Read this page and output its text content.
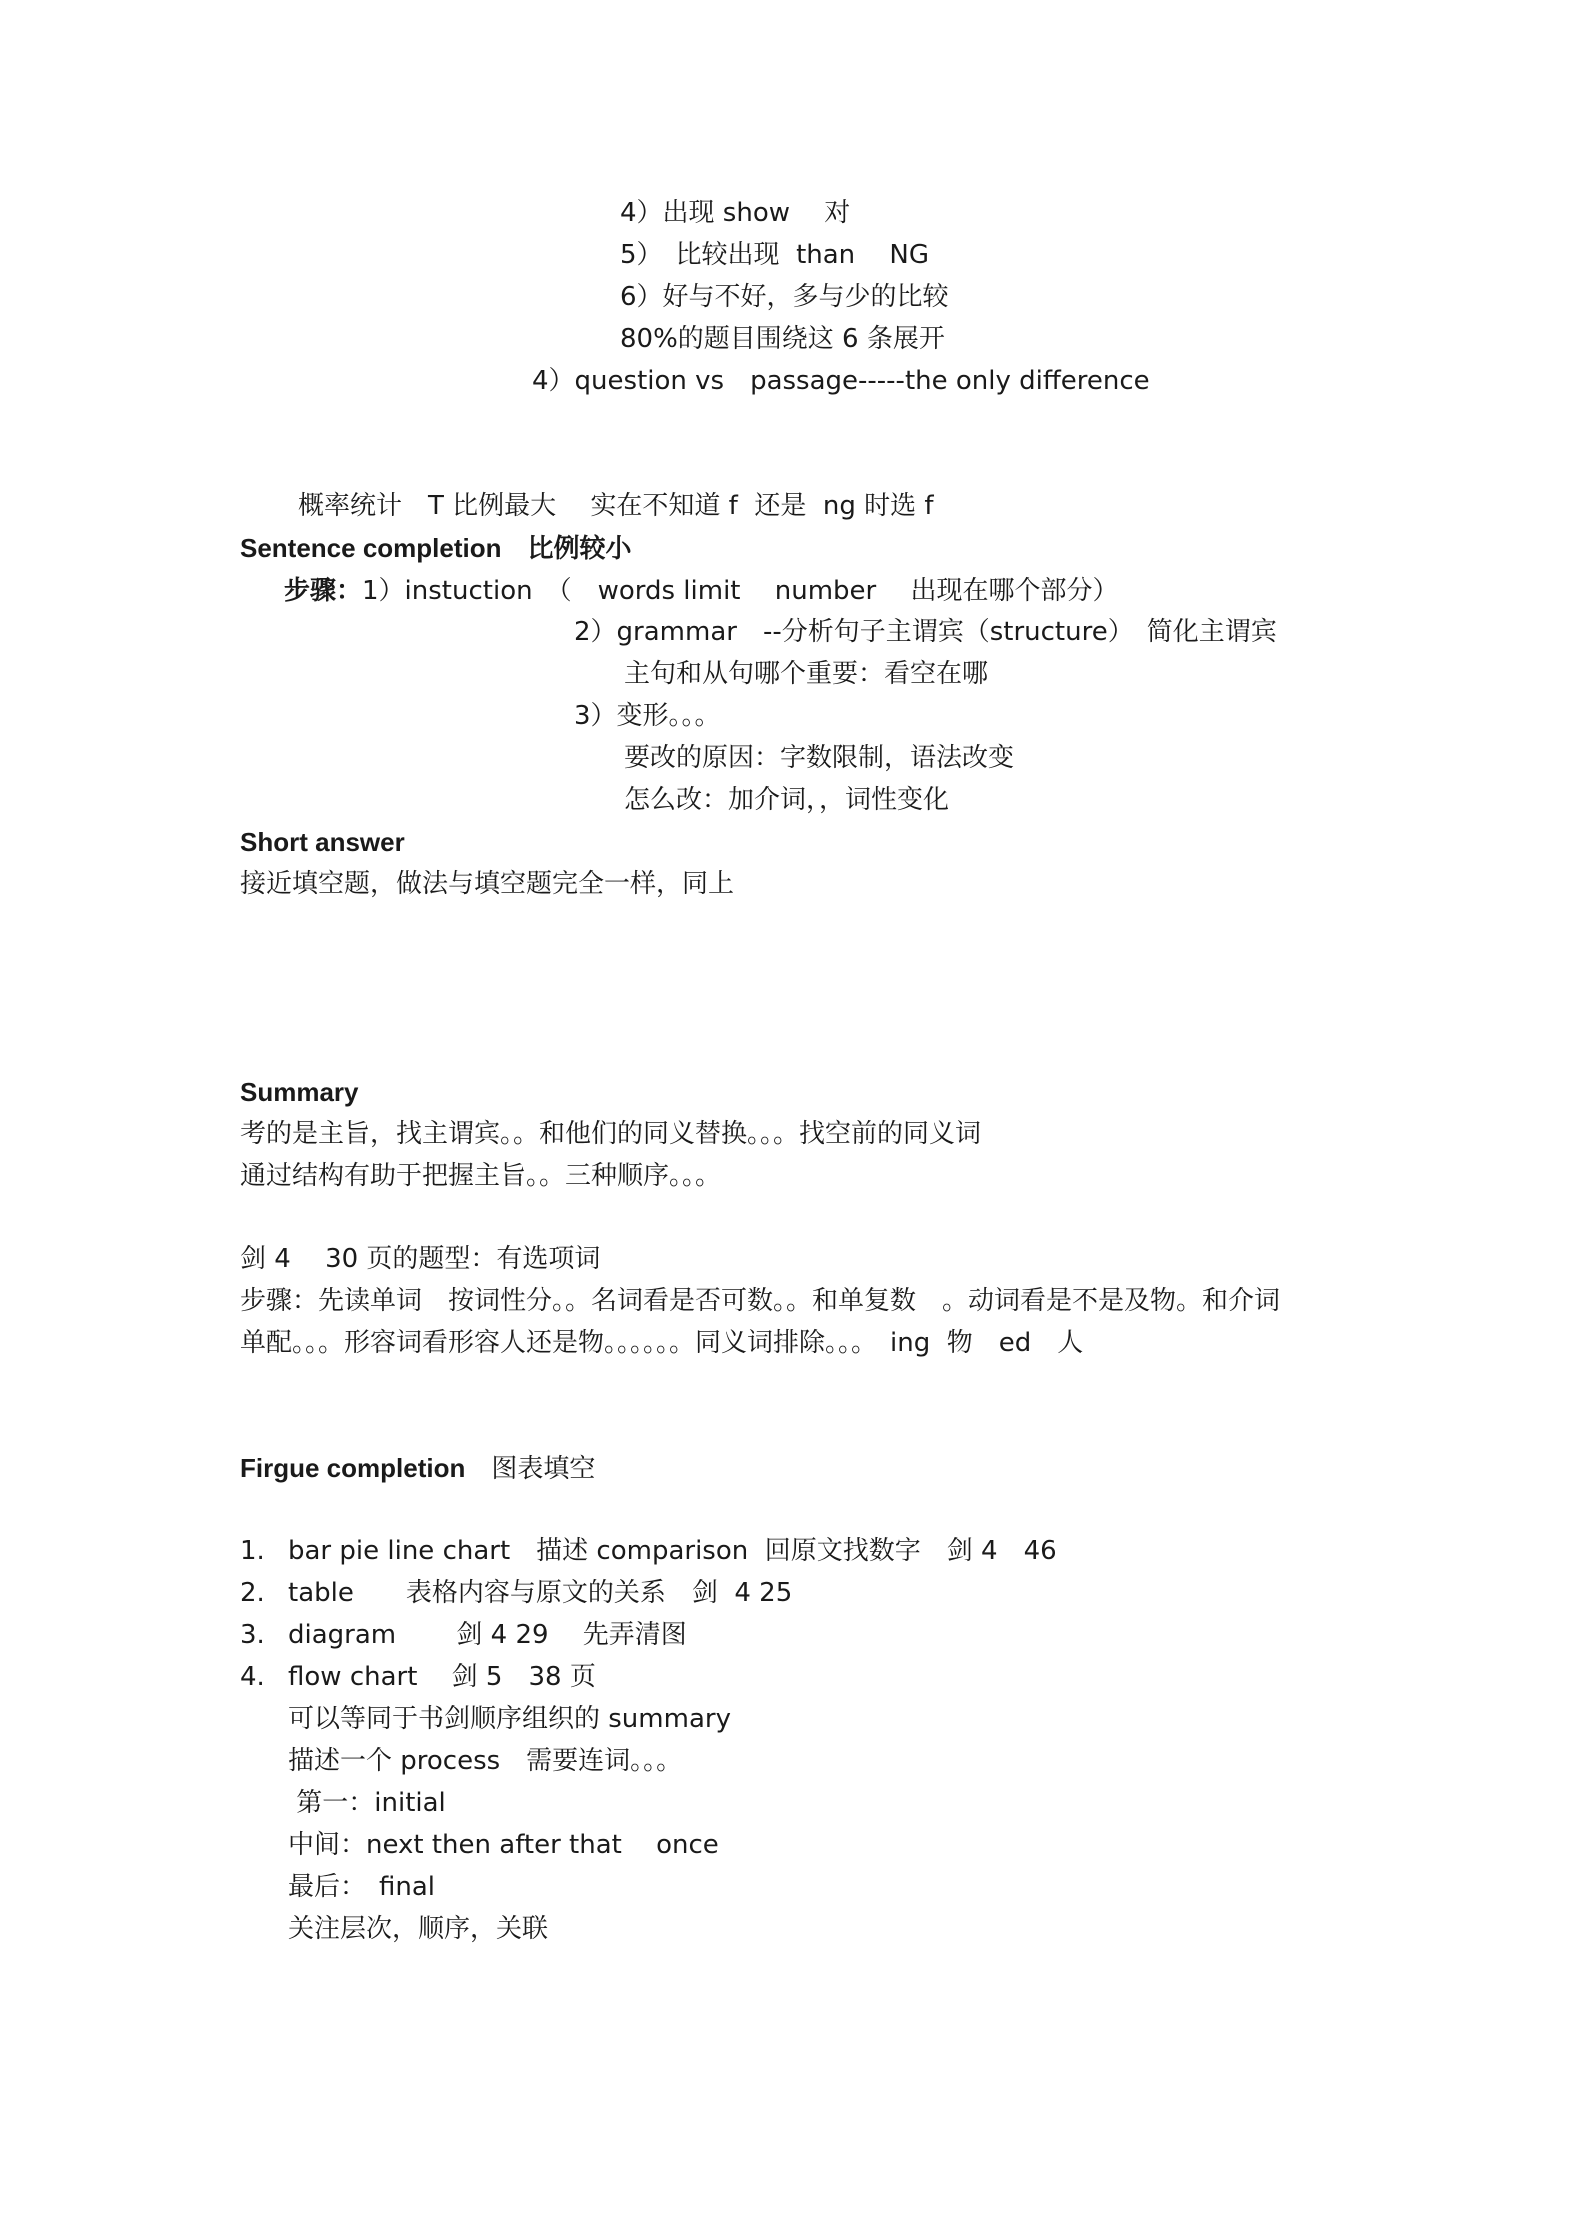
4）出现 show　 对

5）　比较出现  than　 NG

6）好与不好，多与少的比较

80%的题目围绕这 6 条展开

4）question vs　passage-----the only difference

概率统计　T 比例最大　 实在不知道 f  还是  ng 时选 f

Sentence completion　 比例较小

步骤：1）instuction　（　words limit　 number　 出现在哪个部分）

2）grammar　--分析句子主谓宾（structure）　简化主谓宾

主句和从句哪个重要：看空在哪

3）变形。。。

要改的原因：字数限制，语法改变

怎么改：加介词，，词性变化

Short answer

接近填空题，做法与填空题完全一样，同上

Summary

考的是主旨，找主谓宾。。和他们的同义替换。。。找空前的同义词

通过结构有助于把握主旨。。三种顺序。。。

剑 4　 30 页的题型：有选项词

步骤：先读单词　按词性分。。名词看是否可数。。和单复数　。动词看是不是及物。和介词

单配。。。形容词看形容人还是物。。。。。。同义词排除。。。　ing  物　ed　人

Firgue completion　 图表填空

1. bar pie line chart　描述 comparison  回原文找数字　剑 4　46
2. table　　表格内容与原文的关系　剑  4 25
3. diagram　　 剑 4 29　 先弄清图
4. flow chart　 剑 5　38 页

可以等同于书剑顺序组织的 summary

描述一个 process　需要连词。。。

第一：initial

中间：next then after that　 once

最后：　final

关注层次，顺序，关联
